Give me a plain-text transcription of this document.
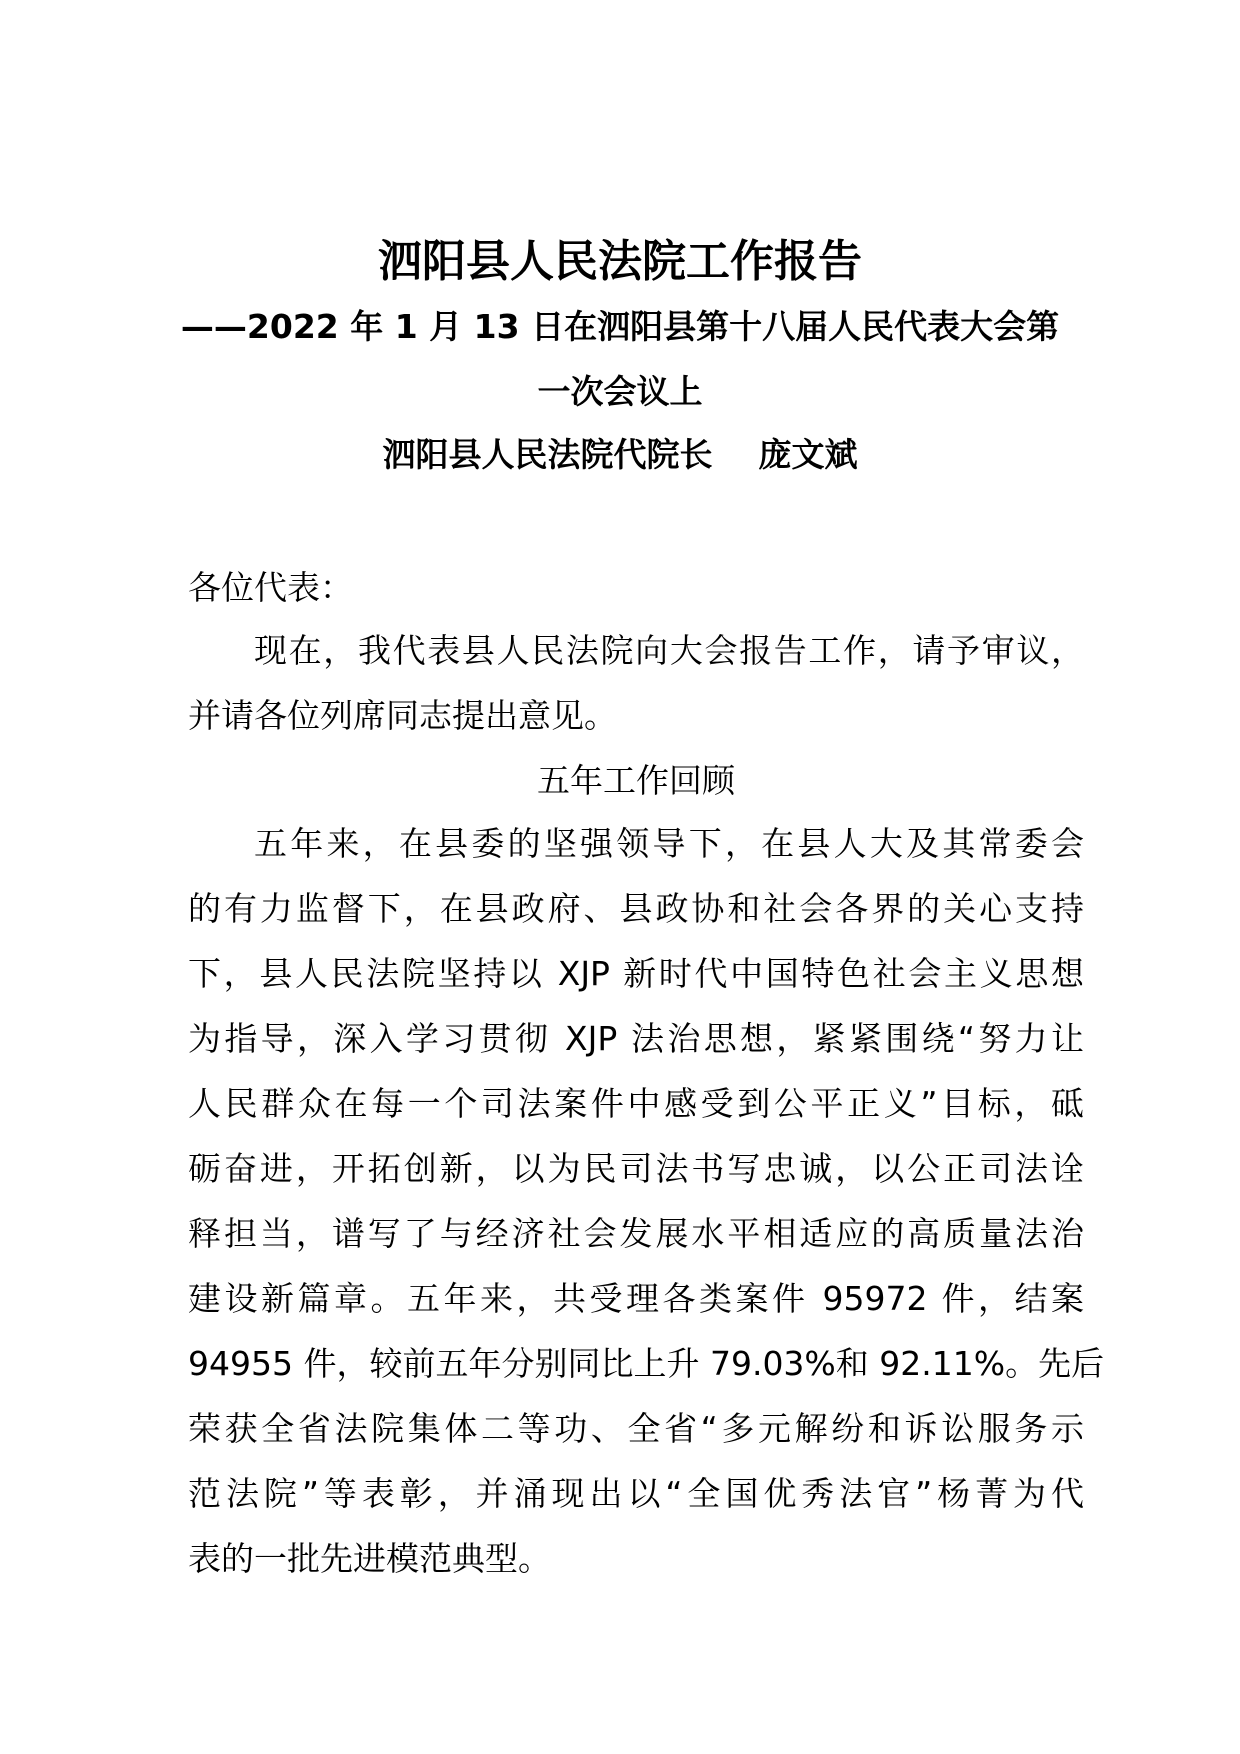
泗阳县人民法院工作报告
——2022 年 1 月 13 日在泗阳县第十八届人民代表大会第
一次会议上
泗阳县人民法院代院长 庞文斌
各位代表：
现在，我代表县人民法院向大会报告工作，请予审议，
并请各位列席同志提出意见。
五年工作回顾
五年来，在县委的坚强领导下，在县人大及其常委会
的有力监督下，在县政府、县政协和社会各界的关心支持
下，县人民法院坚持以 XJP 新时代中国特色社会主义思想
为指导，深入学习贯彻 XJP 法治思想，紧紧围绕“努力让
人民群众在每一个司法案件中感受到公平正义”目标，砥
砺奋进，开拓创新，以为民司法书写忠诚，以公正司法诠
释担当，谱写了与经济社会发展水平相适应的高质量法治
建设新篇章。五年来，共受理各类案件 95972 件，结案
94955 件，较前五年分别同比上升 79.03%和 92.11%。先后
荣获全省法院集体二等功、全省“多元解纷和诉讼服务示
范法院”等表彰，并涌现出以“全国优秀法官”杨菁为代
表的一批先进模范典型。
